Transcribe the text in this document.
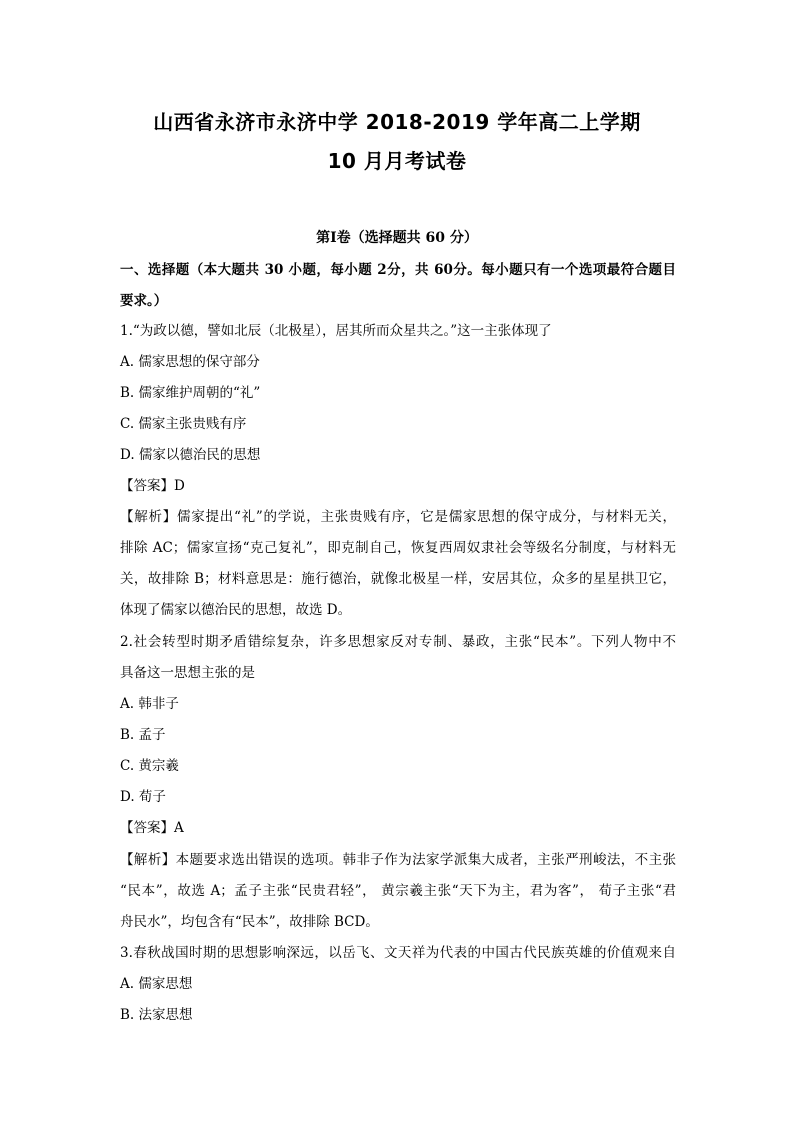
山西省永济市永济中学 2018-2019 学年高二上学期
10 月月考试卷
第Ⅰ卷（选择题共 60 分）
一、选择题（本大题共 30 小题，每小题 2分，共 60分。每小题只有一个选项最符合题目
要求。）
1.“为政以德，譬如北辰（北极星），居其所而众星共之。”这一主张体现了
A. 儒家思想的保守部分
B. 儒家维护周朝的“礼”
C. 儒家主张贵贱有序
D. 儒家以德治民的思想
【答案】D
【解析】儒家提出“礼”的学说，主张贵贱有序，它是儒家思想的保守成分，与材料无关，
排除 AC；儒家宣扬“克己复礼”，即克制自己，恢复西周奴隶社会等级名分制度，与材料无
关，故排除 B；材料意思是：施行德治，就像北极星一样，安居其位，众多的星星拱卫它，
体现了儒家以德治民的思想，故选 D。
2.社会转型时期矛盾错综复杂，许多思想家反对专制、暴政，主张“民本”。下列人物中不
具备这一思想主张的是
A. 韩非子
B. 孟子
C. 黄宗羲
D. 荀子
【答案】A
【解析】本题要求选出错误的选项。韩非子作为法家学派集大成者，主张严刑峻法，不主张
“民本”，故选 A；孟子主张“民贵君轻”， 黄宗羲主张“天下为主，君为客”， 荀子主张“君
舟民水”，均包含有“民本”，故排除 BCD。
3.春秋战国时期的思想影响深远，以岳飞、文天祥为代表的中国古代民族英雄的价值观来自
A. 儒家思想
B. 法家思想
